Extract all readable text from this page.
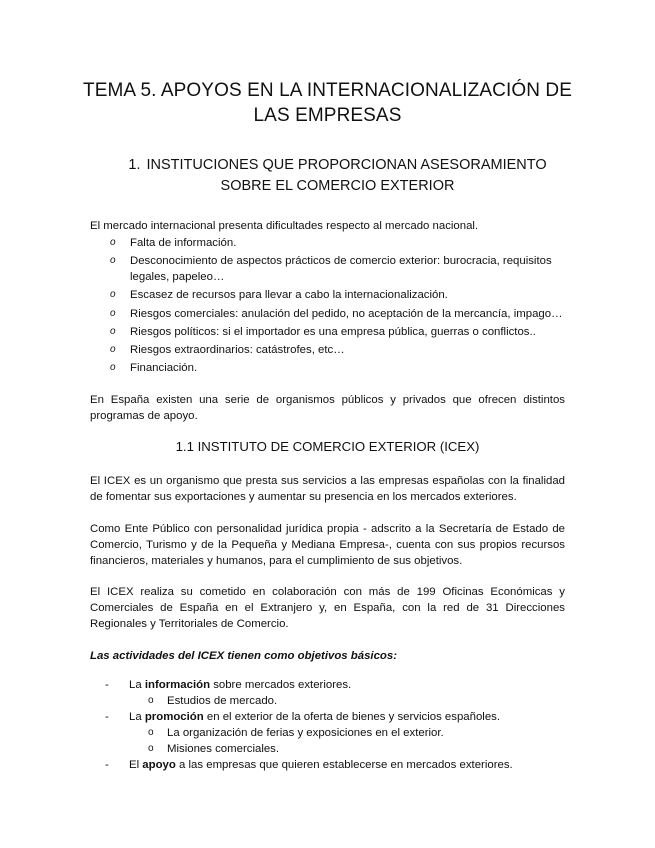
TEMA 5. APOYOS EN LA INTERNACIONALIZACIÓN DE
LAS EMPRESAS
1. INSTITUCIONES QUE PROPORCIONAN ASESORAMIENTO
SOBRE EL COMERCIO EXTERIOR
El mercado internacional presenta dificultades respecto al mercado nacional.
o Falta de información.
o Desconocimiento de aspectos prácticos de comercio exterior: burocracia, requisitos legales, papeleo…
o Escasez de recursos para llevar a cabo la internacionalización.
o Riesgos comerciales: anulación del pedido, no aceptación de la mercancía, impago…
o Riesgos políticos: si el importador es una empresa pública, guerras o conflictos..
o Riesgos extraordinarios: catástrofes, etc…
o Financiación.
En España existen una serie de organismos públicos y privados que ofrecen distintos programas de apoyo.
1.1 INSTITUTO DE COMERCIO EXTERIOR (ICEX)
El ICEX es un organismo que presta sus servicios a las empresas españolas con la finalidad de fomentar sus exportaciones y aumentar su presencia en los mercados exteriores.
Como Ente Público con personalidad jurídica propia - adscrito a la Secretaría de Estado de Comercio, Turismo y de la Pequeña y Mediana Empresa-, cuenta con sus propios recursos financieros, materiales y humanos, para el cumplimiento de sus objetivos.
El ICEX realiza su cometido en colaboración con más de 199 Oficinas Económicas y Comerciales de España en el Extranjero y, en España, con la red de 31 Direcciones Regionales y Territoriales de Comercio.
Las actividades del ICEX tienen como objetivos básicos:
- La información sobre mercados exteriores.
o Estudios de mercado.
- La promoción en el exterior de la oferta de bienes y servicios españoles.
o La organización de ferias y exposiciones en el exterior.
o Misiones comerciales.
- El apoyo a las empresas que quieren establecerse en mercados exteriores.
